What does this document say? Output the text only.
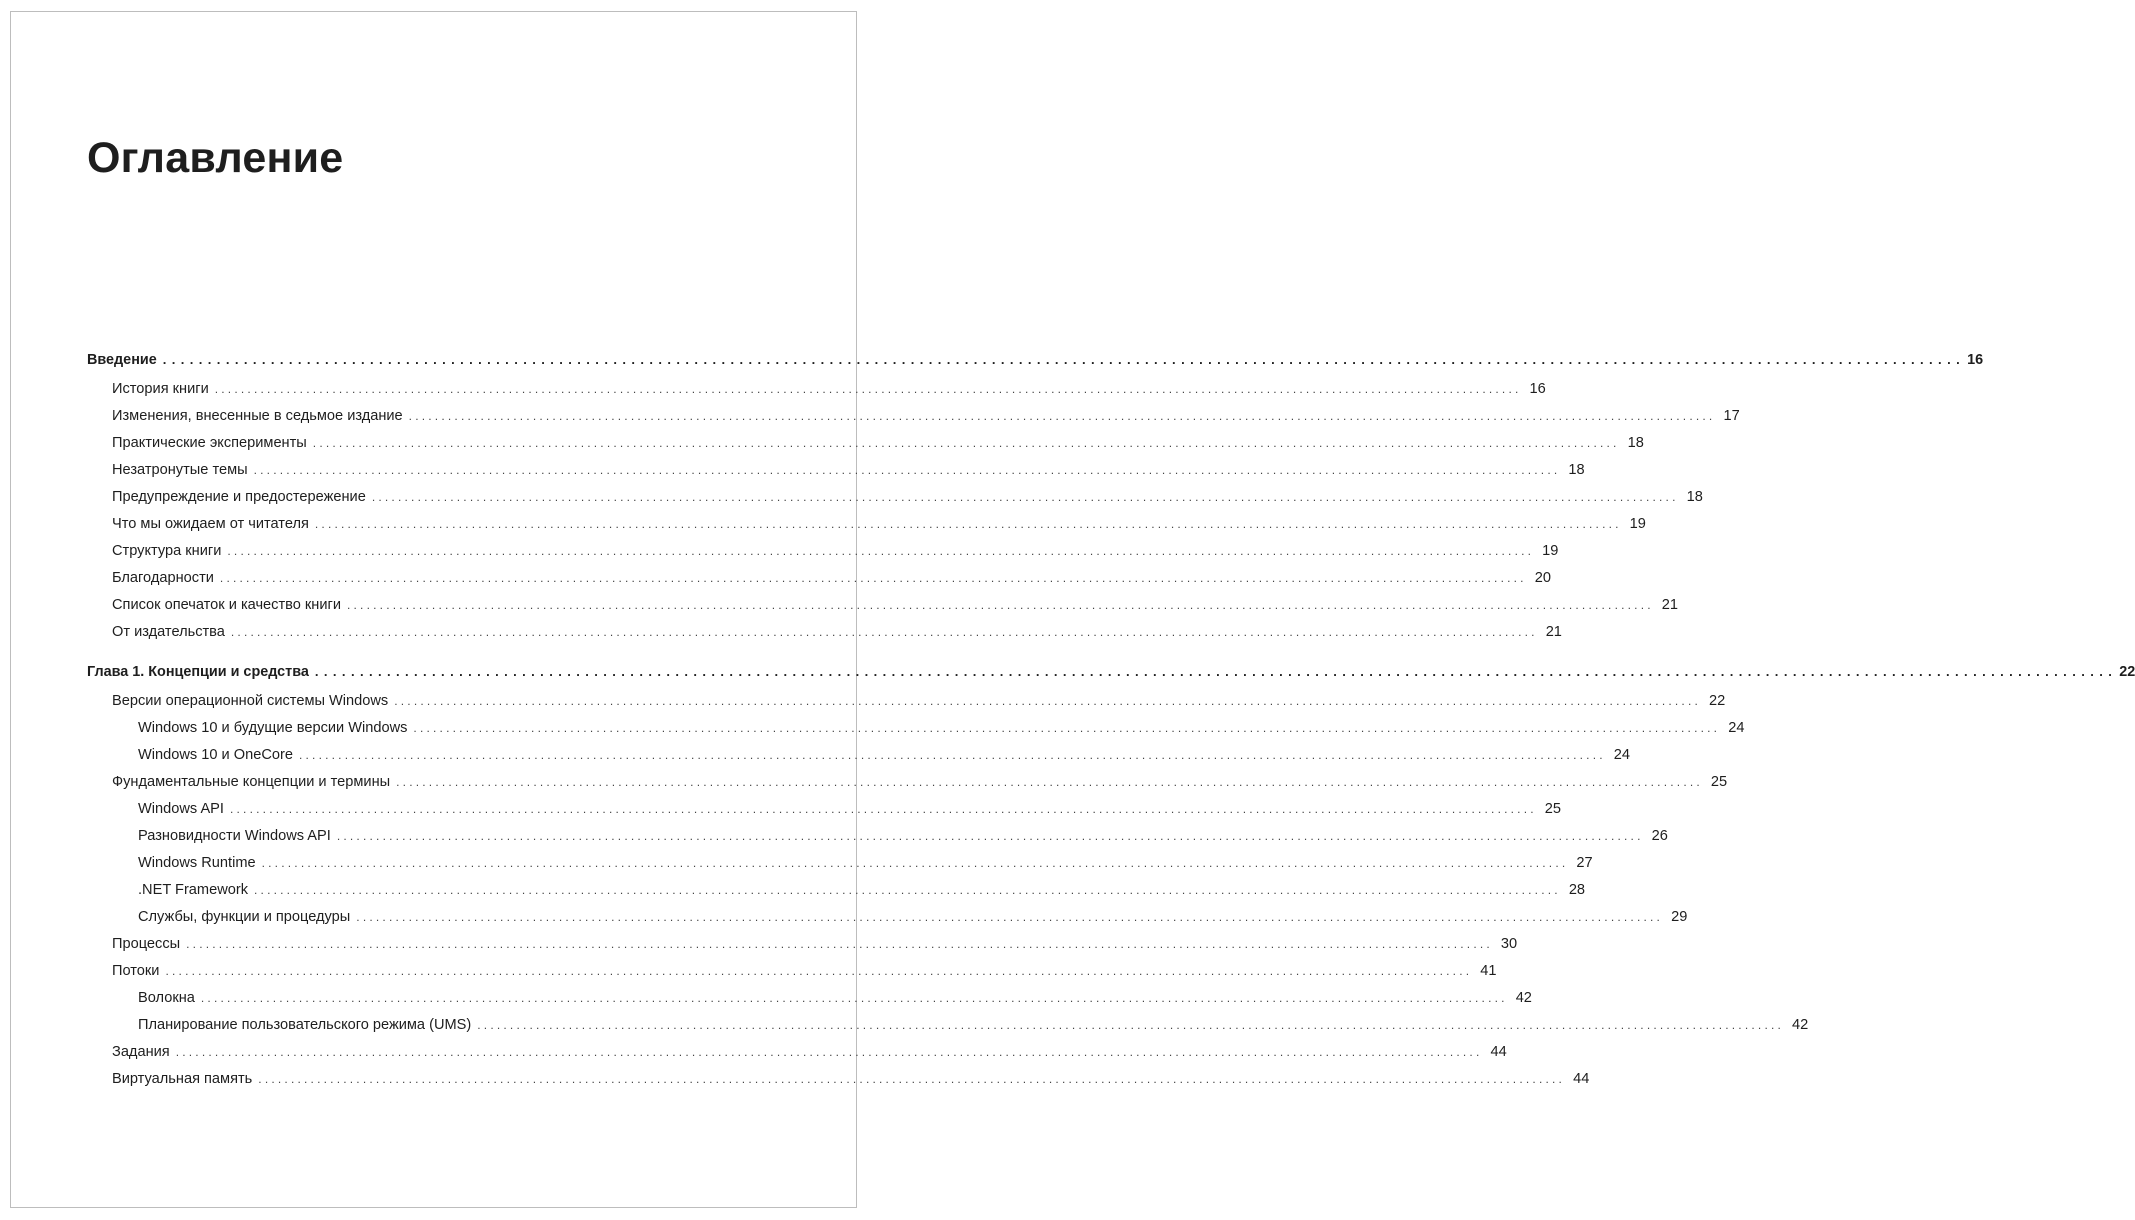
Оглавление
Введение ........................................................................................................................................................................................................ 16
История книги ........................................................................................................................................................................................................ 16
Изменения, внесенные в седьмое издание ........................................................................................................................................................................................................ 17
Практические эксперименты ........................................................................................................................................................................................................ 18
Незатронутые темы ........................................................................................................................................................................................................ 18
Предупреждение и предостережение ........................................................................................................................................................................................................ 18
Что мы ожидаем от читателя ........................................................................................................................................................................................................ 19
Структура книги ........................................................................................................................................................................................................ 19
Благодарности ........................................................................................................................................................................................................ 20
Список опечаток и качество книги ........................................................................................................................................................................................................ 21
От издательства ........................................................................................................................................................................................................ 21
Глава 1. Концепции и средства ........................................................................................................................................................................................................ 22
Версии операционной системы Windows ........................................................................................................................................................................................................ 22
Windows 10 и будущие версии Windows ........................................................................................................................................................................................................ 24
Windows 10 и OneCore ........................................................................................................................................................................................................ 24
Фундаментальные концепции и термины ........................................................................................................................................................................................................ 25
Windows API ........................................................................................................................................................................................................ 25
Разновидности Windows API ........................................................................................................................................................................................................ 26
Windows Runtime ........................................................................................................................................................................................................ 27
.NET Framework ........................................................................................................................................................................................................ 28
Службы, функции и процедуры ........................................................................................................................................................................................................ 29
Процессы ........................................................................................................................................................................................................ 30
Потоки ........................................................................................................................................................................................................ 41
Волокна ........................................................................................................................................................................................................ 42
Планирование пользовательского режима (UMS) ........................................................................................................................................................................................................ 42
Задания ........................................................................................................................................................................................................ 44
Виртуальная память ........................................................................................................................................................................................................ 44
